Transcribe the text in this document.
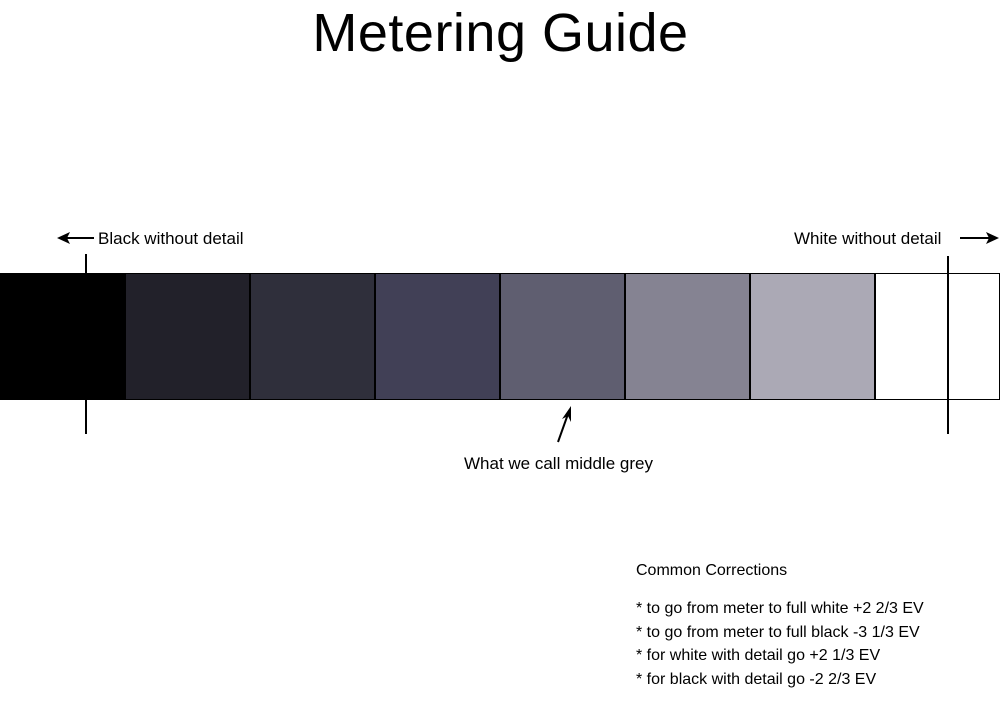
Metering Guide
Black without detail	White without detail
What we call middle grey
Common Corrections
* to go from meter to full white +2 2/3 EV
* to go from meter to full black -3 1/3 EV
* for white with detail go +2 1/3 EV
* for black with detail go -2 2/3 EV
